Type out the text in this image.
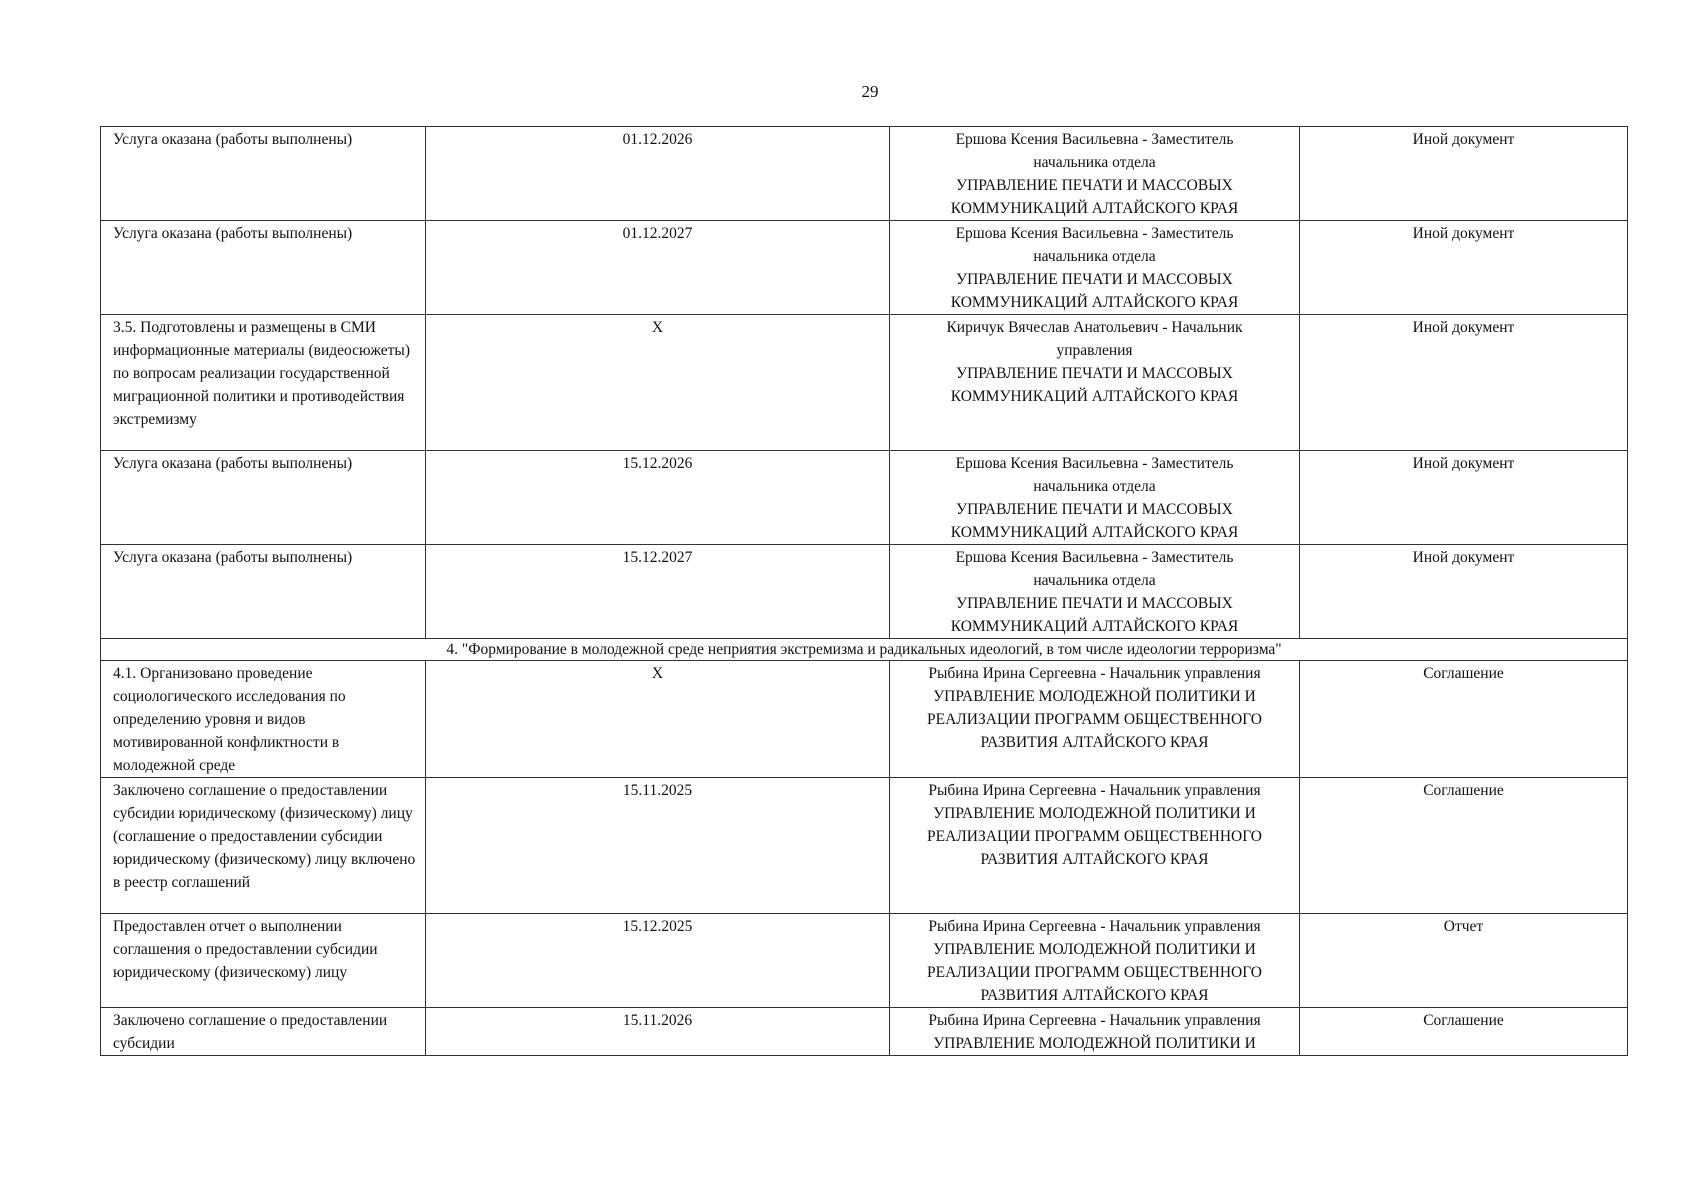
29
Услуга оказана (работы выполнены)	01.12.2026	Ершова Ксения Васильевна - Заместитель
начальника отдела
УПРАВЛЕНИЕ ПЕЧАТИ И МАССОВЫХ
КОММУНИКАЦИЙ АЛТАЙСКОГО КРАЯ	Иной документ
Услуга оказана (работы выполнены)	01.12.2027	Ершова Ксения Васильевна - Заместитель
начальника отдела
УПРАВЛЕНИЕ ПЕЧАТИ И МАССОВЫХ
КОММУНИКАЦИЙ АЛТАЙСКОГО КРАЯ	Иной документ
3.5. Подготовлены и размещены в СМИ информационные материалы (видеосюжеты) по вопросам реализации государственной миграционной политики и противодействия экстремизму	X	Киричук Вячеслав Анатольевич - Начальник
управления
УПРАВЛЕНИЕ ПЕЧАТИ И МАССОВЫХ
КОММУНИКАЦИЙ АЛТАЙСКОГО КРАЯ	Иной документ
Услуга оказана (работы выполнены)	15.12.2026	Ершова Ксения Васильевна - Заместитель
начальника отдела
УПРАВЛЕНИЕ ПЕЧАТИ И МАССОВЫХ
КОММУНИКАЦИЙ АЛТАЙСКОГО КРАЯ	Иной документ
Услуга оказана (работы выполнены)	15.12.2027	Ершова Ксения Васильевна - Заместитель
начальника отдела
УПРАВЛЕНИЕ ПЕЧАТИ И МАССОВЫХ
КОММУНИКАЦИЙ АЛТАЙСКОГО КРАЯ	Иной документ
4. "Формирование в молодежной среде неприятия экстремизма и радикальных идеологий, в том числе идеологии терроризма"			
4.1. Организовано проведение социологического исследования по определению уровня и видов мотивированной конфликтности в молодежной среде	X	Рыбина Ирина Сергеевна - Начальник управления
УПРАВЛЕНИЕ МОЛОДЕЖНОЙ ПОЛИТИКИ И
РЕАЛИЗАЦИИ ПРОГРАММ ОБЩЕСТВЕННОГО
РАЗВИТИЯ АЛТАЙСКОГО КРАЯ	Соглашение
Заключено соглашение о предоставлении субсидии юридическому (физическому) лицу (соглашение о предоставлении субсидии юридическому (физическому) лицу включено в реестр соглашений	15.11.2025	Рыбина Ирина Сергеевна - Начальник управления
УПРАВЛЕНИЕ МОЛОДЕЖНОЙ ПОЛИТИКИ И
РЕАЛИЗАЦИИ ПРОГРАММ ОБЩЕСТВЕННОГО
РАЗВИТИЯ АЛТАЙСКОГО КРАЯ	Соглашение
Предоставлен отчет о выполнении соглашения о предоставлении субсидии юридическому (физическому) лицу	15.12.2025	Рыбина Ирина Сергеевна - Начальник управления
УПРАВЛЕНИЕ МОЛОДЕЖНОЙ ПОЛИТИКИ И
РЕАЛИЗАЦИИ ПРОГРАММ ОБЩЕСТВЕННОГО
РАЗВИТИЯ АЛТАЙСКОГО КРАЯ	Отчет
Заключено соглашение о предоставлении субсидии	15.11.2026	Рыбина Ирина Сергеевна - Начальник управления
УПРАВЛЕНИЕ МОЛОДЕЖНОЙ ПОЛИТИКИ И	Соглашение
